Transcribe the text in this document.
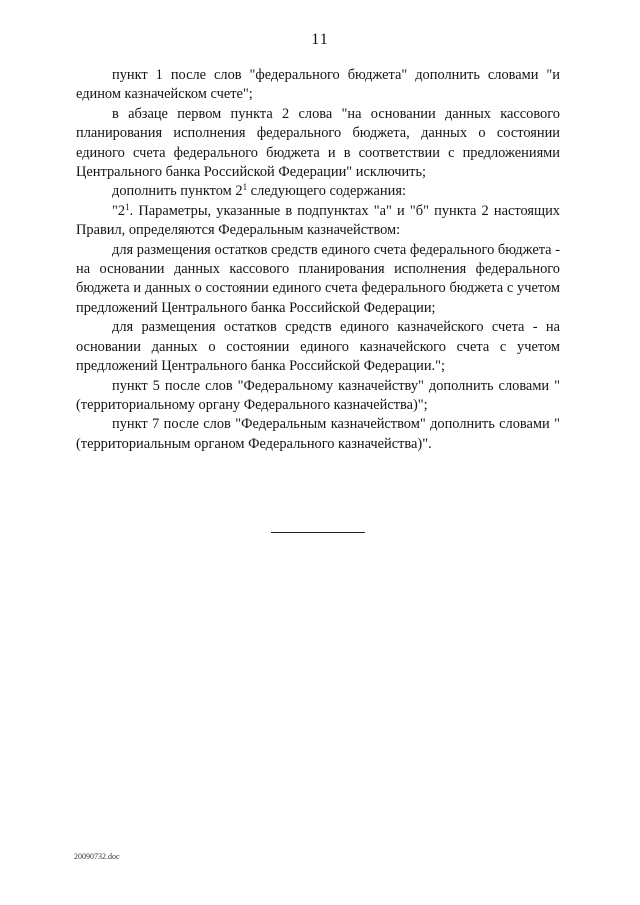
11

пункт 1 после слов "федерального бюджета" дополнить словами "и едином казначейском счете";

в абзаце первом пункта 2 слова "на основании данных кассового планирования исполнения федерального бюджета, данных о состоянии единого счета федерального бюджета и в соответствии с предложениями Центрального банка Российской Федерации" исключить;

дополнить пунктом $2^1$ следующего содержания:

"$2^1$. Параметры, указанные в подпунктах "а" и "б" пункта 2 настоящих Правил, определяются Федеральным казначейством:

для размещения остатков средств единого счета федерального бюджета - на основании данных кассового планирования исполнения федерального бюджета и данных о состоянии единого счета федерального бюджета с учетом предложений Центрального банка Российской Федерации;

для размещения остатков средств единого казначейского счета - на основании данных о состоянии единого казначейского счета с учетом предложений Центрального банка Российской Федерации.";

пункт 5 после слов "Федеральному казначейству" дополнить словами "(территориальному органу Федерального казначейства)";

пункт 7 после слов "Федеральным казначейством" дополнить словами "(территориальным органом Федерального казначейства)".

20090732.doc
